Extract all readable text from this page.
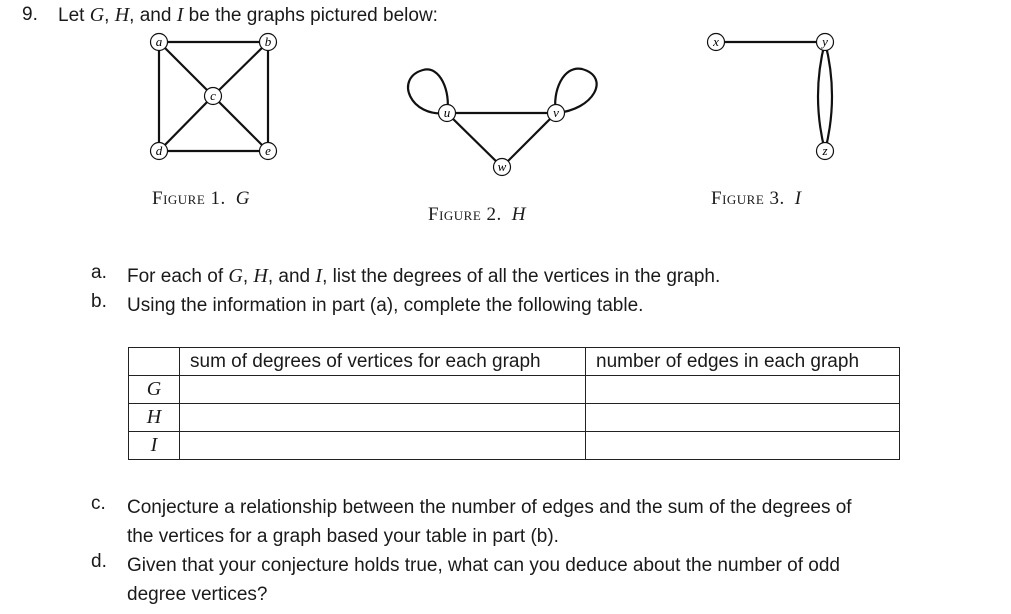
9. Let G, H, and I be the graphs pictured below:
a	b
c
d	e
u	v
w
x	y
z
Figure 1. G
Figure 2. H
Figure 3. I
a. For each of G, H, and I, list the degrees of all the vertices in the graph.
b. Using the information in part (a), complete the following table.
	sum of degrees of vertices for each graph	number of edges in each graph
G		
H		
I		
c. Conjecture a relationship between the number of edges and the sum of the degrees of
the vertices for a graph based your table in part (b).
d. Given that your conjecture holds true, what can you deduce about the number of odd
degree vertices?
